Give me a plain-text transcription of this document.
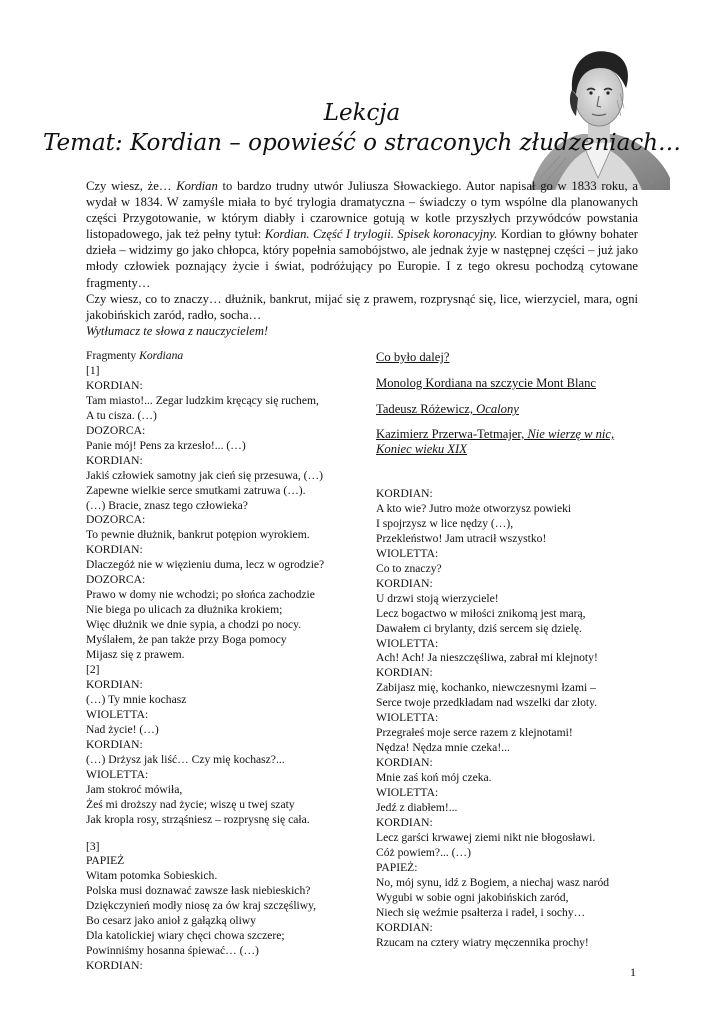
Lekcja
Temat: Kordian – opowieść o straconych złudzeniach…

Czy wiesz, że… Kordian to bardzo trudny utwór Juliusza Słowackiego. Autor napisał go w 1833 roku, a wydał w 1834. W zamyśle miała to być trylogia dramatyczna – świadczy o tym wspólne dla planowanych części Przygotowanie, w którym diabły i czarownice gotują w kotle przyszłych przywódców powstania listopadowego, jak też pełny tytuł: Kordian. Część I trylogii. Spisek koronacyjny. Kordian to główny bohater dzieła – widzimy go jako chłopca, który popełnia samobójstwo, ale jednak żyje w następnej części – już jako młody człowiek poznający życie i świat, podróżujący po Europie. I z tego okresu pochodzą cytowane fragmenty…

Czy wiesz, co to znaczy… dłużnik, bankrut, mijać się z prawem, rozprysnąć się, lice, wierzyciel, mara, ogni jakobińskich zaród, radło, socha…

Wytłumacz te słowa z nauczycielem!

Fragmenty Kordiana
[1]
KORDIAN:
Tam miasto!... Zegar ludzkim kręcący się ruchem,
A tu cisza. (…)
DOZORCA:
Panie mój! Pens za krzesło!... (…)
KORDIAN:
Jakiś człowiek samotny jak cień się przesuwa, (…)
Zapewne wielkie serce smutkami zatruwa (…).
(…) Bracie, znasz tego człowieka?
DOZORCA:
To pewnie dłużnik, bankrut potępion wyrokiem.
KORDIAN:
Dlaczegóż nie w więzieniu duma, lecz w ogrodzie?
DOZORCA:
Prawo w domy nie wchodzi; po słońca zachodzie
Nie biega po ulicach za dłużnika krokiem;
Więc dłużnik we dnie sypia, a chodzi po nocy.
Myślałem, że pan także przy Boga pomocy
Mijasz się z prawem.
[2]
KORDIAN:
(…) Ty mnie kochasz
WIOLETTA:
Nad życie! (…)
KORDIAN:
(…) Drżysz jak liść… Czy mię kochasz?...
WIOLETTA:
Jam stokroć mówiła,
Żeś mi droższy nad życie; wiszę u twej szaty
Jak kropla rosy, strząśniesz – rozprysnę się cała.
[3]
PAPIEŻ
Witam potomka Sobieskich.
Polska musi doznawać zawsze łask niebieskich?
Dziękczynień modły niosę za ów kraj szczęśliwy,
Bo cesarz jako anioł z gałązką oliwy
Dla katolickiej wiary chęci chowa szczere;
Powinniśmy hosanna śpiewać… (…)
KORDIAN:
Co było dalej?
Monolog Kordiana na szczycie Mont Blanc
Tadeusz Różewicz, Ocalony
Kazimierz Przerwa-Tetmajer, Nie wierzę w nic,
Koniec wieku XIX
KORDIAN:
A kto wie? Jutro może otworzysz powieki
I spojrzysz w lice nędzy (…),
Przekleństwo! Jam utracił wszystko!
WIOLETTA:
Co to znaczy?
KORDIAN:
U drzwi stoją wierzyciele!
Lecz bogactwo w miłości znikomą jest marą,
Dawałem ci brylanty, dziś sercem się dzielę.
WIOLETTA:
Ach! Ach! Ja nieszczęśliwa, zabrał mi klejnoty!
KORDIAN:
Zabijasz mię, kochanko, niewczesnymi łzami –
Serce twoje przedkładam nad wszelki dar złoty.
WIOLETTA:
Przegrałeś moje serce razem z klejnotami!
Nędza! Nędza mnie czeka!...
KORDIAN:
Mnie zaś koń mój czeka.
WIOLETTA:
Jedź z diabłem!...
KORDIAN:
Lecz garści krwawej ziemi nikt nie błogosławi.
Cóż powiem?... (…)
PAPIEŻ:
No, mój synu, idź z Bogiem, a niechaj wasz naród
Wygubi w sobie ogni jakobińskich zaród,
Niech się weźmie psałterza i radeł, i sochy…
KORDIAN:
Rzucam na cztery wiatry męczennika prochy!
1
